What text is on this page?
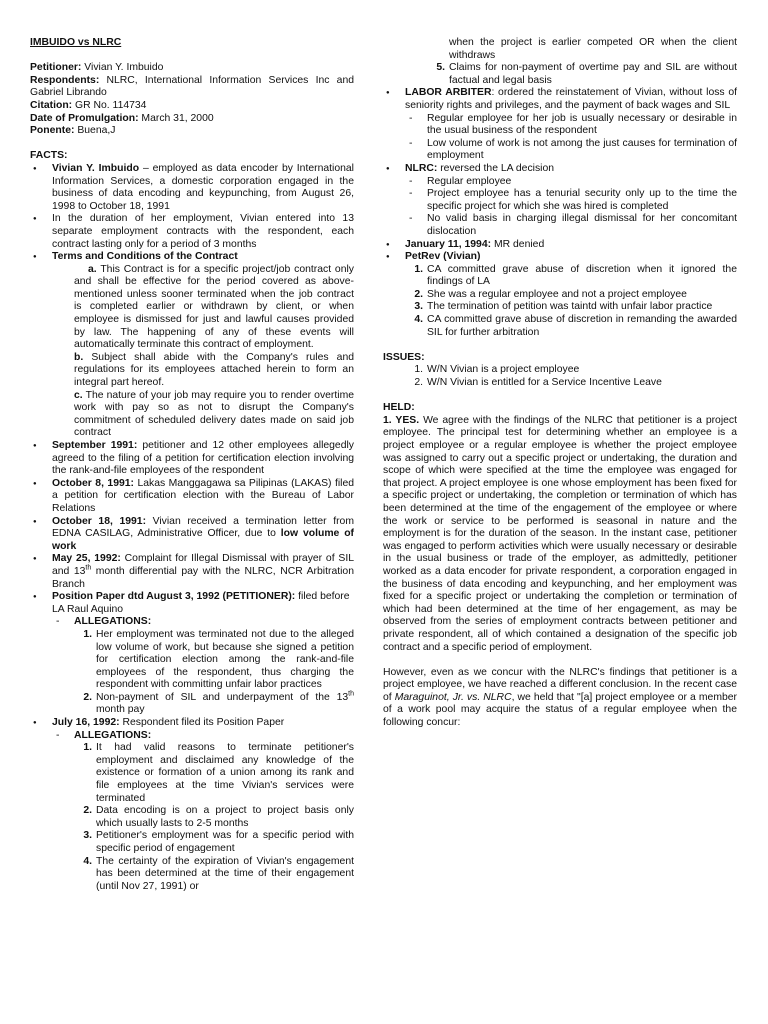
IMBUIDO vs NLRC

Petitioner: Vivian Y. Imbuido

Respondents: NLRC, International Information Services Inc and Gabriel Librando

Citation: GR No. 114734

Date of Promulgation: March 31, 2000

Ponente: Buena,J

FACTS:

● Vivian Y. Imbuido – employed as data encoder by International Information Services, a domestic corporation engaged in the business of data encoding and keypunching, from August 26, 1998 to October 18, 1991

● In the duration of her employment, Vivian entered into 13 separate employment contracts with the respondent, each contract lasting only for a period of 3 months

● Terms and Conditions of the Contract

a. This Contract is for a specific project/job contract only and shall be effective for the period covered as above-mentioned unless sooner terminated when the job contract is completed earlier or withdrawn by client, or when employee is dismissed for just and lawful causes provided by law. The happening of any of these events will automatically terminate this contract of employment.

b. Subject shall abide with the Company's rules and regulations for its employees attached herein to form an integral part hereof.

c. The nature of your job may require you to render overtime work with pay so as not to disrupt the Company's commitment of scheduled delivery dates made on said job contract

● September 1991: petitioner and 12 other employees allegedly agreed to the filing of a petition for certification election involving the rank-and-file employees of the respondent

● October 8, 1991: Lakas Manggagawa sa Pilipinas (LAKAS) filed a petition for certification election with the Bureau of Labor Relations

● October 18, 1991: Vivian received a termination letter from EDNA CASILAG, Administrative Officer, due to low volume of work

● May 25, 1992: Complaint for Illegal Dismissal with prayer of SIL and 13th month differential pay with the NLRC, NCR Arbitration Branch

● Position Paper dtd August 3, 1992 (PETITIONER): filed before LA Raul Aquino

- ALLEGATIONS:

1. Her employment was terminated not due to the alleged low volume of work, but because she signed a petition for certification election among the rank-and-file employees of the respondent, thus charging the respondent with committing unfair labor practices

2. Non-payment of SIL and underpayment of the 13th month pay

● July 16, 1992: Respondent filed its Position Paper

- ALLEGATIONS:

1. It had valid reasons to terminate petitioner's employment and disclaimed any knowledge of the existence or formation of a union among its rank and file employees at the time Vivian's services were terminated

2. Data encoding is on a project to project basis only which usually lasts to 2-5 months

3. Petitioner's employment was for a specific period with specific period of engagement

4. The certainty of the expiration of Vivian's engagement has been determined at the time of their engagement (until Nov 27, 1991) or

when the project is earlier competed OR when the client withdraws

5. Claims for non-payment of overtime pay and SIL are without factual and legal basis

● LABOR ARBITER: ordered the reinstatement of Vivian, without loss of seniority rights and privileges, and the payment of back wages and SIL

- Regular employee for her job is usually necessary or desirable in the usual business of the respondent

- Low volume of work is not among the just causes for termination of employment

● NLRC: reversed the LA decision

- Regular employee

- Project employee has a tenurial security only up to the time the specific project for which she was hired is completed

- No valid basis in charging illegal dismissal for her concomitant dislocation

● January 11, 1994: MR denied

● PetRev (Vivian)

1. CA committed grave abuse of discretion when it ignored the findings of LA

2. She was a regular employee and not a project employee

3. The termination of petition was taintd with unfair labor practice

4. CA committed grave abuse of discretion in remanding the awarded SIL for further arbitration

ISSUES:

1. W/N Vivian is a project employee

2. W/N Vivian is entitled for a Service Incentive Leave

HELD:

1. YES. We agree with the findings of the NLRC that petitioner is a project employee. The principal test for determining whether an employee is a project employee or a regular employee is whether the project employee was assigned to carry out a specific project or undertaking, the duration and scope of which were specified at the time the employee was engaged for that project. A project employee is one whose employment has been fixed for a specific project or undertaking, the completion or termination of which has been determined at the time of the engagement of the employee or where the work or service to be performed is seasonal in nature and the employment is for the duration of the season. In the instant case, petitioner was engaged to perform activities which were usually necessary or desirable in the usual business or trade of the employer, as admittedly, petitioner worked as a data encoder for private respondent, a corporation engaged in the business of data encoding and keypunching, and her employment was fixed for a specific project or undertaking the completion or termination of which had been determined at the time of her engagement, as may be observed from the series of employment contracts between petitioner and private respondent, all of which contained a designation of the specific job contract and a specific period of employment.

However, even as we concur with the NLRC's findings that petitioner is a project employee, we have reached a different conclusion. In the recent case of Maraguinot, Jr. vs. NLRC, we held that "[a] project employee or a member of a work pool may acquire the status of a regular employee when the following concur:
